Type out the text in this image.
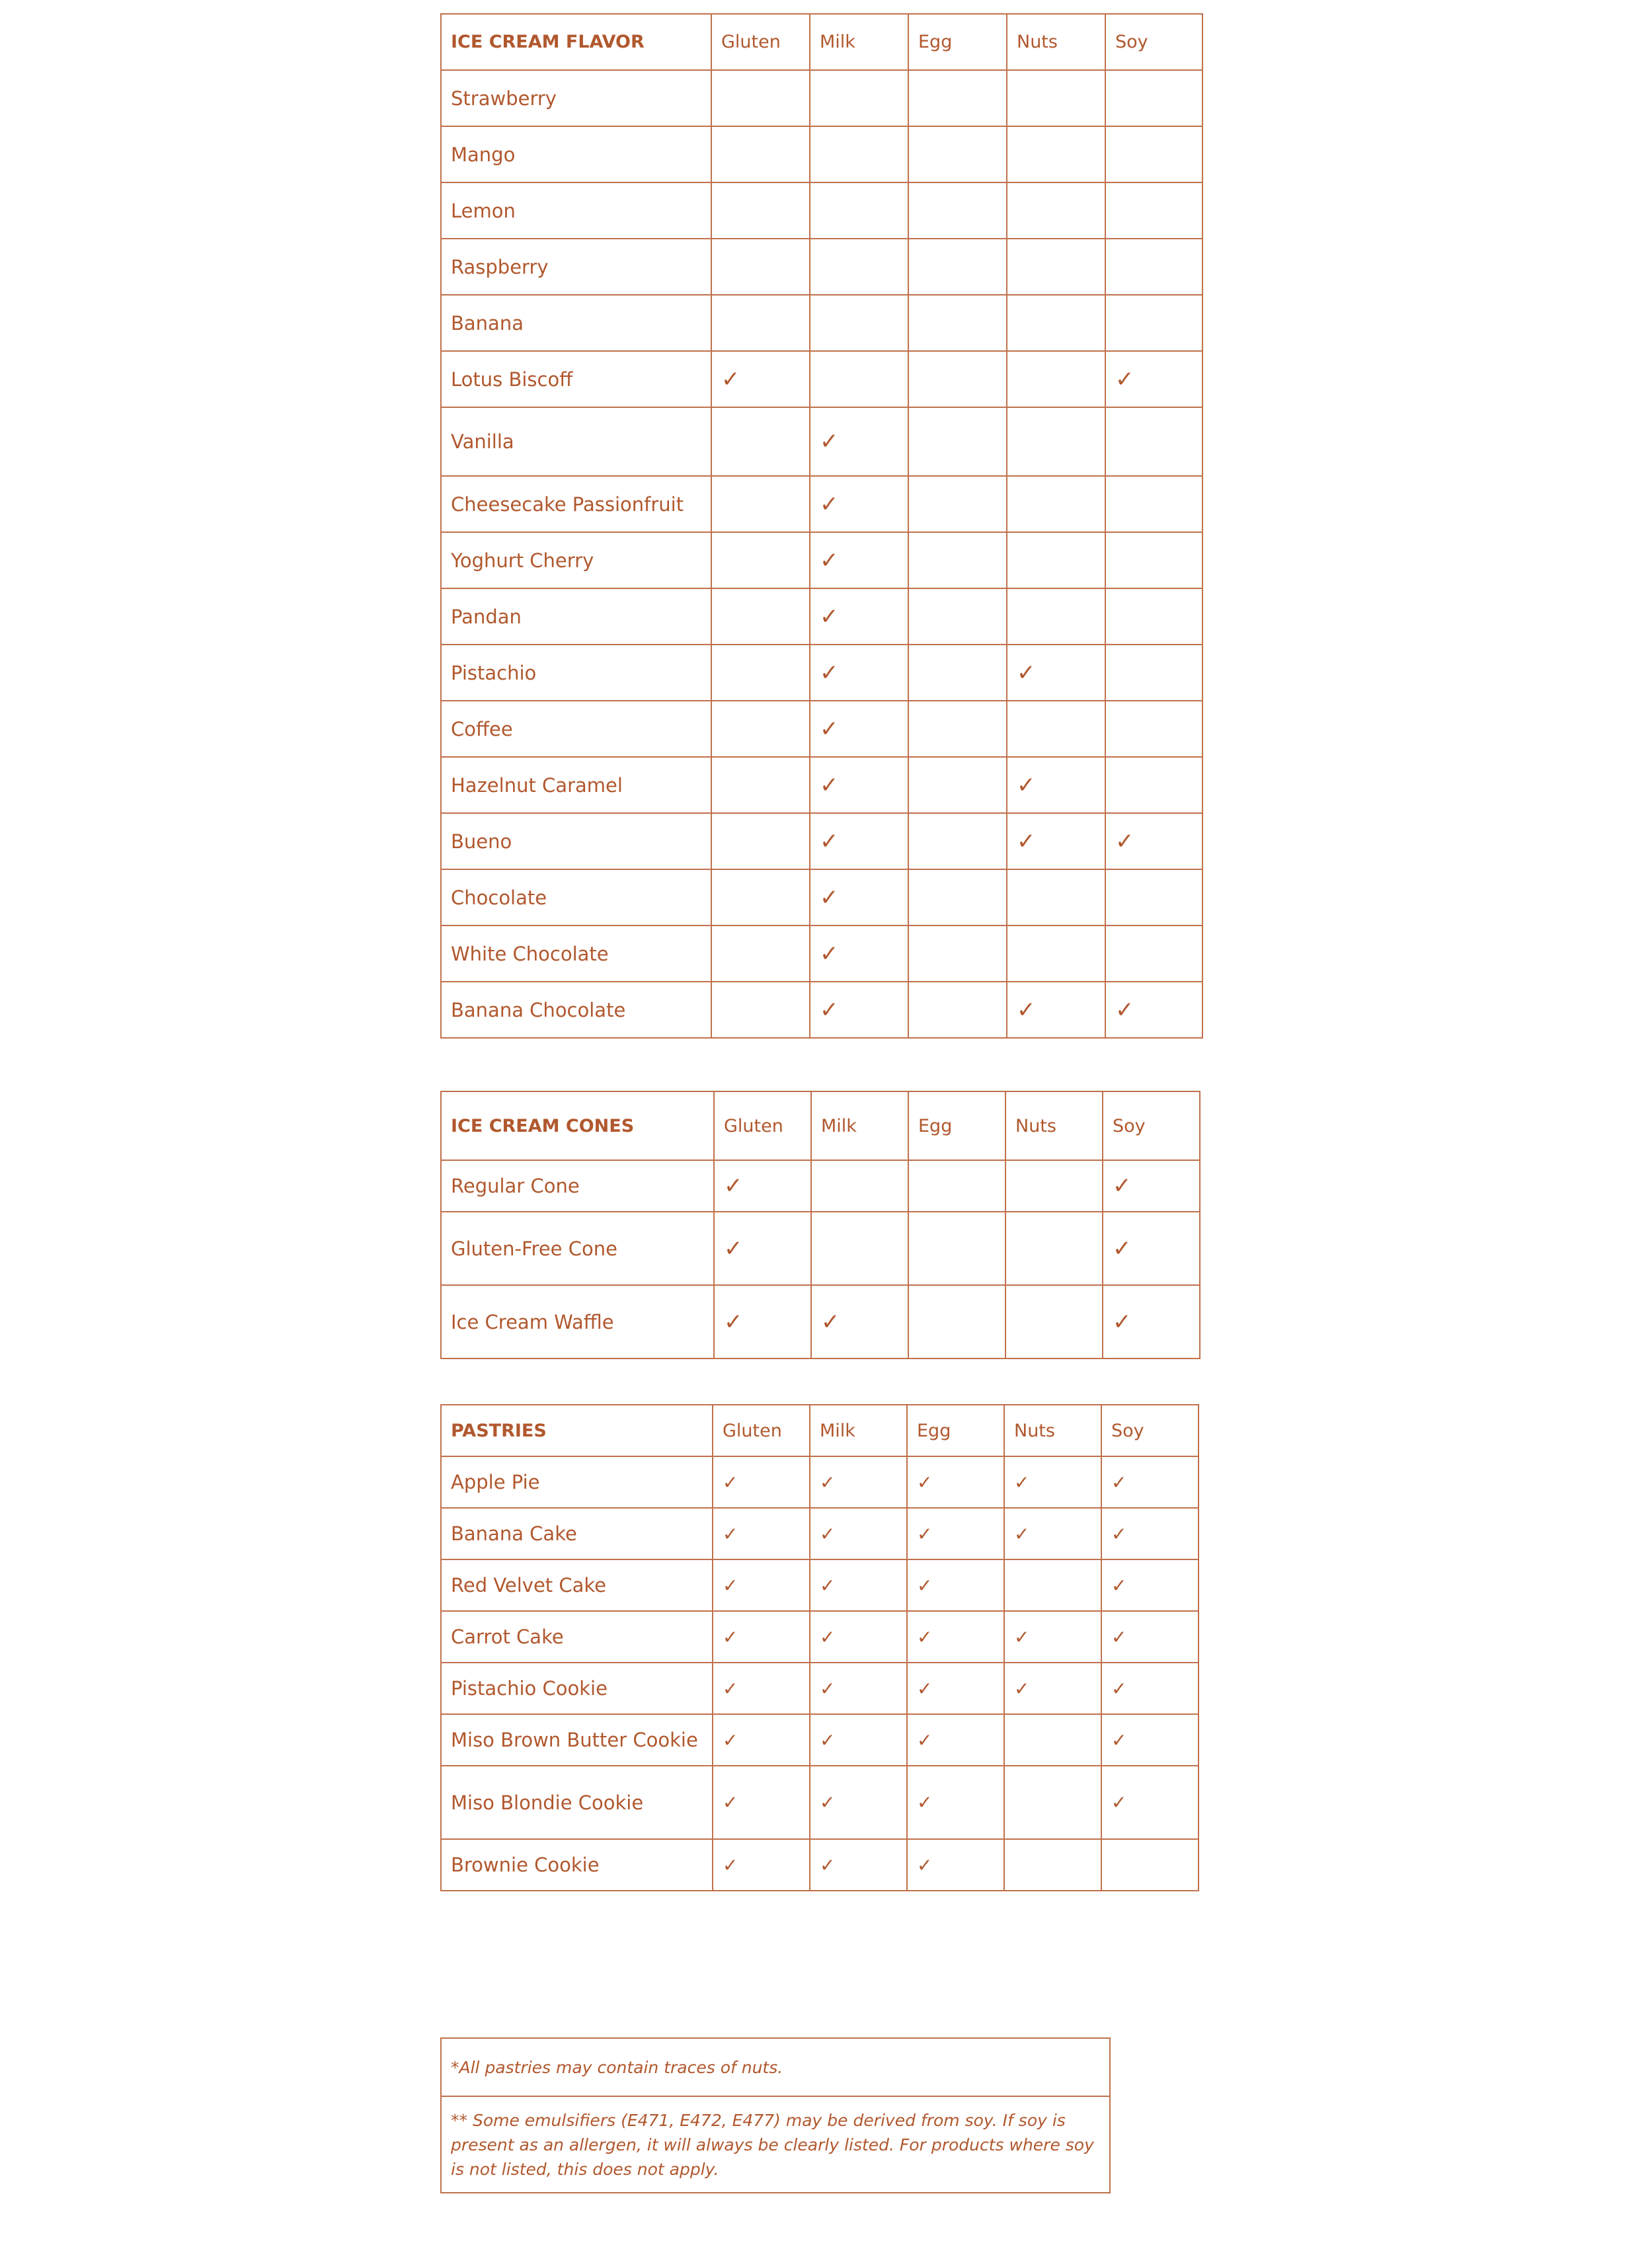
ICE CREAM FLAVOR	Gluten	Milk	Egg	Nuts	Soy
Strawberry					
Mango					
Lemon					
Raspberry					
Banana					
Lotus Biscoff	✓				✓
Vanilla		✓			
Cheesecake Passionfruit		✓			
Yoghurt Cherry		✓			
Pandan		✓			
Pistachio		✓		✓	
Coffee		✓			
Hazelnut Caramel		✓		✓	
Bueno		✓		✓	✓
Chocolate		✓			
White Chocolate		✓			
Banana Chocolate		✓		✓	✓
ICE CREAM CONES	Gluten	Milk	Egg	Nuts	Soy
Regular Cone	✓				✓
Gluten-Free Cone	✓				✓
Ice Cream Waffle	✓	✓			✓
PASTRIES	Gluten	Milk	Egg	Nuts	Soy
Apple Pie	✓	✓	✓	✓	✓
Banana Cake	✓	✓	✓	✓	✓
Red Velvet Cake	✓	✓	✓		✓
Carrot Cake	✓	✓	✓	✓	✓
Pistachio Cookie	✓	✓	✓	✓	✓
Miso Brown Butter Cookie	✓	✓	✓		✓
Miso Blondie Cookie	✓	✓	✓		✓
Brownie Cookie	✓	✓	✓		
*All pastries may contain traces of nuts.
** Some emulsifiers (E471, E472, E477) may be derived from soy. If soy is present as an allergen, it will always be clearly listed. For products where soy is not listed, this does not apply.
